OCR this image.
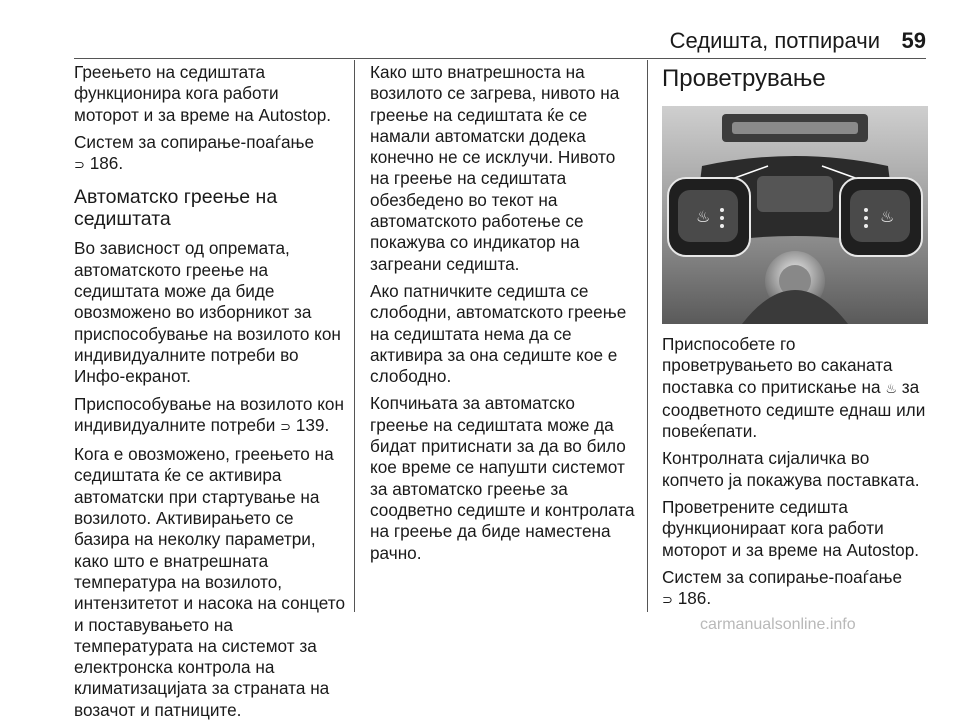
Седишта, потпирачи 59

Греењето на седиштата функционира кога работи моторот и за време на Autostop.

Систем за сопирање-поаѓање
⊃ 186.

Автоматско греење на седиштата

Во зависност од опремата, автоматското греење на седиштата може да биде овозможено во изборникот за приспособување на возилото кон индивидуалните потреби во Инфо-екранот.

Приспособување на возилото кон индивидуалните потреби ⊃ 139.

Кога е овозможено, греењето на седиштата ќе се активира автоматски при стартување на возилото. Активирањето се базира на неколку параметри, како што е внатрешната температура на возилото, интензитетот и насока на сонцето и поставувањето на температурата на системот за електронска контрола на климатизацијата за страната на возачот и патниците.

Како што внатрешноста на возилото се загрева, нивото на греење на седиштата ќе се намали автоматски додека конечно не се исклучи. Нивото на греење на седиштата обезбедено во текот на автоматското работење се покажува со индикатор на загреани седишта.

Ако патничките седишта се слободни, автоматското греење на седиштата нема да се активира за она седиште кое е слободно.

Копчињата за автоматско греење на седиштата може да бидат притиснати за да во било кое време се напушти системот за автоматско греење за соодветно седиште и контролата на греење да биде наместена рачно.

Проветрување
♨	♨

Приспособете го проветрувањето во саканата поставка со притискање на ♨ за соодветното седиште еднаш или повеќепати.

Контролната сијаличка во копчето ја покажува поставката.

Проветрените седишта функционираат кога работи моторот и за време на Autostop.

Систем за сопирање-поаѓање
⊃ 186.

carmanualsonline.info
